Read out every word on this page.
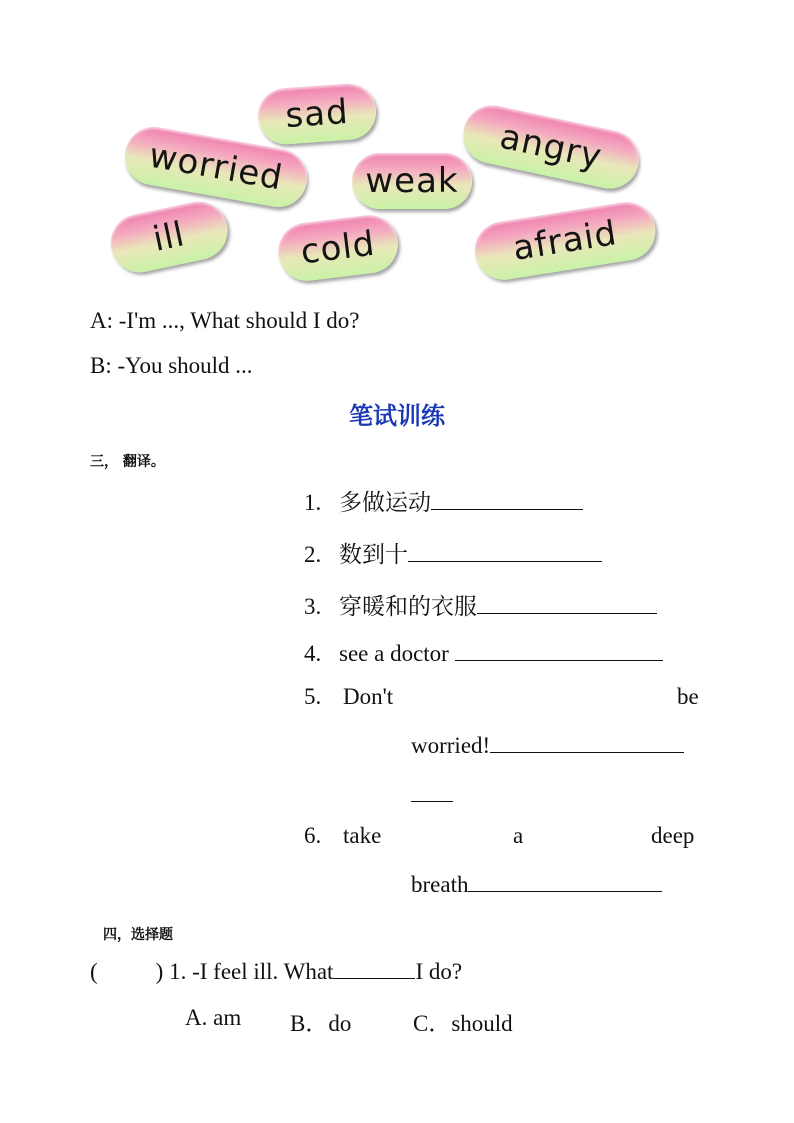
sad
angry
worried weak
ill	cold	afraid
A: -I'm ..., What should I do?
B: -You should ...
笔试训练
三， 翻译。
1. 多做运动
2. 数到十
3. 穿暖和的衣服
4. see a doctor
5. Don't	be
worried!
6. take	a	deep
breath
四，选择题
(	) 1. -I feel ill. What	I do?
A. am B．do	C．should
